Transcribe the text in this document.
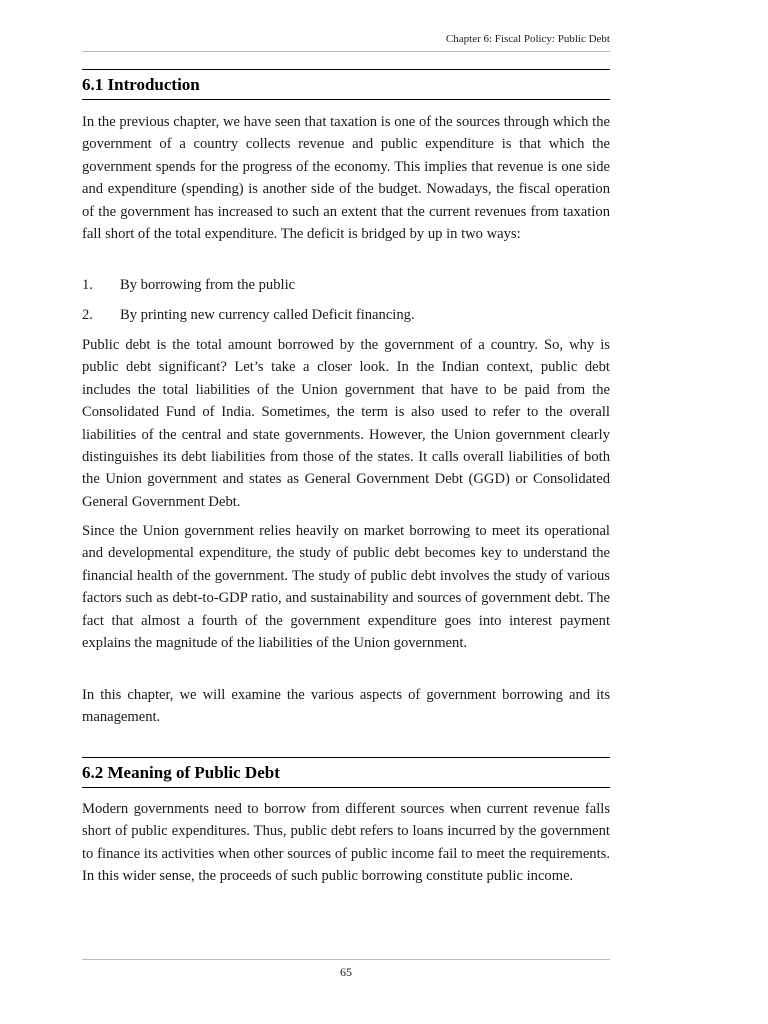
Chapter 6: Fiscal Policy: Public Debt
6.1 Introduction

In the previous chapter, we have seen that taxation is one of the sources through which the government of a country collects revenue and public expenditure is that which the government spends for the progress of the economy. This implies that revenue is one side and expenditure (spending) is another side of the budget. Nowadays, the fiscal operation of the government has increased to such an extent that the current revenues from taxation fall short of the total expenditure. The deficit is bridged by up in two ways:

1.	By borrowing from the public
2.	By printing new currency called Deficit financing.

Public debt is the total amount borrowed by the government of a country. So, why is public debt significant? Let’s take a closer look. In the Indian context, public debt includes the total liabilities of the Union government that have to be paid from the Consolidated Fund of India. Sometimes, the term is also used to refer to the overall liabilities of the central and state governments. However, the Union government clearly distinguishes its debt liabilities from those of the states. It calls overall liabilities of both the Union government and states as General Government Debt (GGD) or Consolidated General Government Debt.

Since the Union government relies heavily on market borrowing to meet its operational and developmental expenditure, the study of public debt becomes key to understand the financial health of the government. The study of public debt involves the study of various factors such as debt-to-GDP ratio, and sustainability and sources of government debt. The fact that almost a fourth of the government expenditure goes into interest payment explains the magnitude of the liabilities of the Union government.

In this chapter, we will examine the various aspects of government borrowing and its management.

6.2 Meaning of Public Debt

Modern governments need to borrow from different sources when current revenue falls short of public expenditures. Thus, public debt refers to loans incurred by the government to finance its activities when other sources of public income fail to meet the requirements. In this wider sense, the proceeds of such public borrowing constitute public income.

65
